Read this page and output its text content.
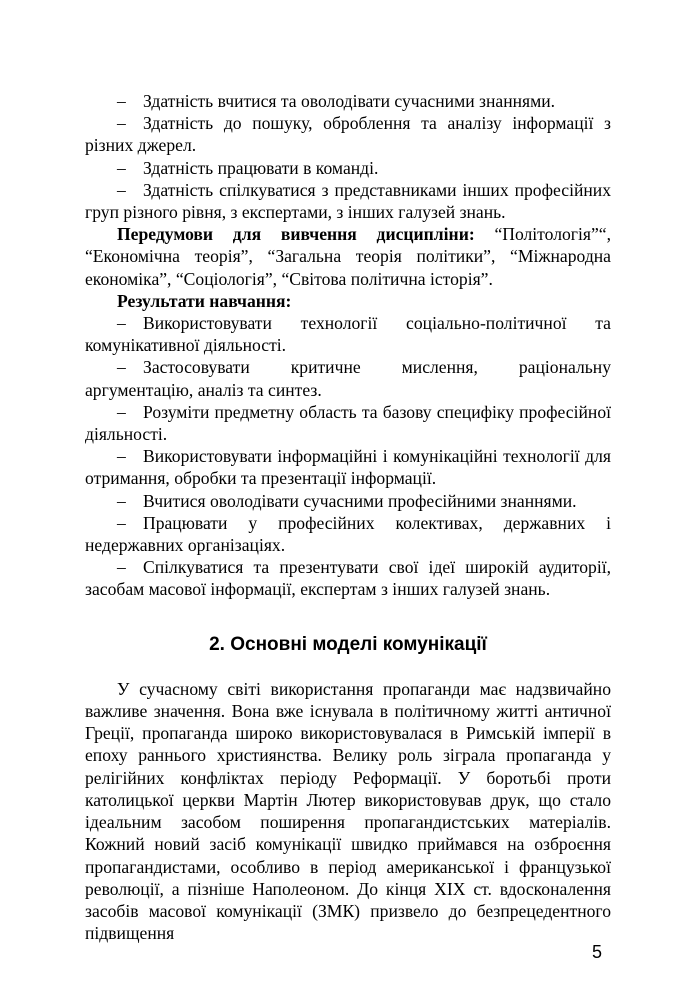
– Здатність вчитися та оволодівати сучасними знаннями.

– Здатність до пошуку, оброблення та аналізу інформації з різних джерел.

– Здатність працювати в команді.

– Здатність спілкуватися з представниками інших професійних груп різного рівня, з експертами, з інших галузей знань.

Передумови для вивчення дисципліни: “Політологія”“, “Економічна теорія”, “Загальна теорія політики”, “Міжнародна економіка”, “Соціологія”, “Світова політична історія”.

Результати навчання:

– Використовувати технології соціально-політичної та комунікативної діяльності.

– Застосовувати критичне мислення, раціональну аргументацію, аналіз та синтез.

– Розуміти предметну область та базову специфіку професійної діяльності.

– Використовувати інформаційні і комунікаційні технології для отримання, обробки та презентації інформації.

– Вчитися оволодівати сучасними професійними знаннями.

– Працювати у професійних колективах, державних і недержавних організаціях.

– Спілкуватися та презентувати свої ідеї широкій аудиторії, засобам масової інформації, експертам з інших галузей знань.

2. Основні моделі комунікації

У сучасному світі використання пропаганди має надзвичайно важливе значення. Вона вже існувала в політичному житті античної Греції, пропаганда широко використовувалася в Римській імперії в епоху раннього християнства. Велику роль зіграла пропаганда у релігійних конфліктах періоду Реформації. У боротьбі проти католицької церкви Мартін Лютер використовував друк, що стало ідеальним засобом поширення пропагандистських матеріалів. Кожний новий засіб комунікації швидко приймався на озброєння пропагандистами, особливо в період американської і французької революції, а пізніше Наполеоном. До кінця XIX ст. вдосконалення засобів масової комунікації (ЗМК) призвело до безпрецедентного підвищення

5
